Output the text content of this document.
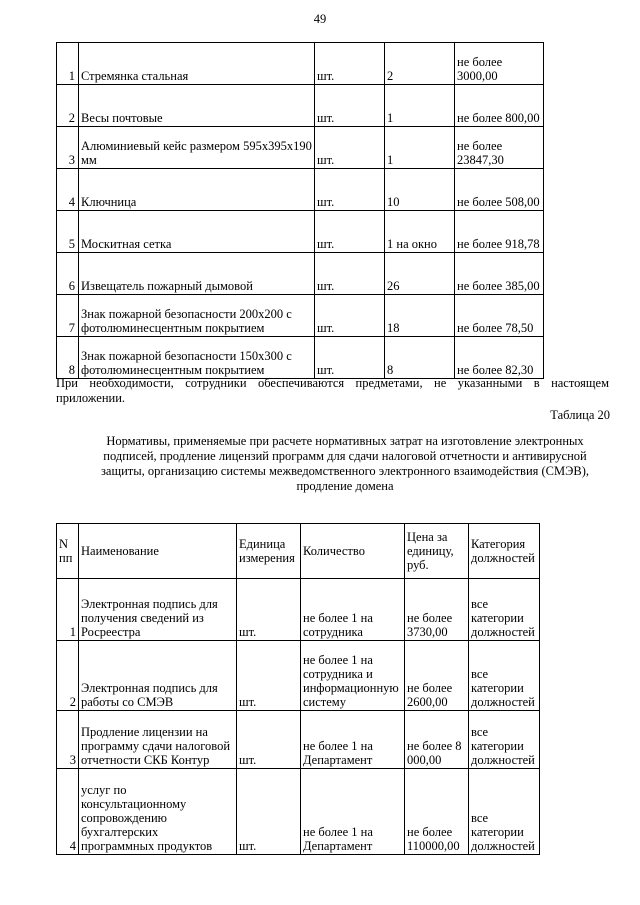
49
1	Стремянка стальная	шт.	2	не более 3000,00
2	Весы почтовые	шт.	1	не более 800,00
3	Алюминиевый кейс размером 595х395х190 мм	шт.	1	не более 23847,30
4	Ключница	шт.	10	не более 508,00
5	Москитная сетка	шт.	1 на окно	не более 918,78
6	Извещатель пожарный дымовой	шт.	26	не более 385,00
7	Знак пожарной безопасности 200х200 с фотолюминесцентным покрытием	шт.	18	не более 78,50
8	Знак пожарной безопасности 150х300 с фотолюминесцентным покрытием	шт.	8	не более 82,30
При необходимости, сотрудники обеспечиваются предметами, не указанными в настоящем приложении.
Таблица 20
Нормативы, применяемые при расчете нормативных затрат на изготовление электронных подписей, продление лицензий программ для сдачи налоговой отчетности и антивирусной защиты, организацию системы межведомственного электронного взаимодействия (СМЭВ), продление домена
N пп	Наименование	Единица измерения	Количество	Цена за единицу, руб.	Категория должностей
1	Электронная подпись для получения сведений из Росреестра	шт.	не более 1 на сотрудника	не более 3730,00	все категории должностей
2	Электронная подпись для работы со СМЭВ	шт.	не более 1 на сотрудника и информационную систему	не более 2600,00	все категории должностей
3	Продление лицензии на программу сдачи налоговой отчетности СКБ Контур	шт.	не более 1 на Департамент	не более 8 000,00	все категории должностей
4	услуг по консультационному сопровождению бухгалтерских программных продуктов	шт.	не более 1 на Департамент	не более 110000,00	все категории должностей
